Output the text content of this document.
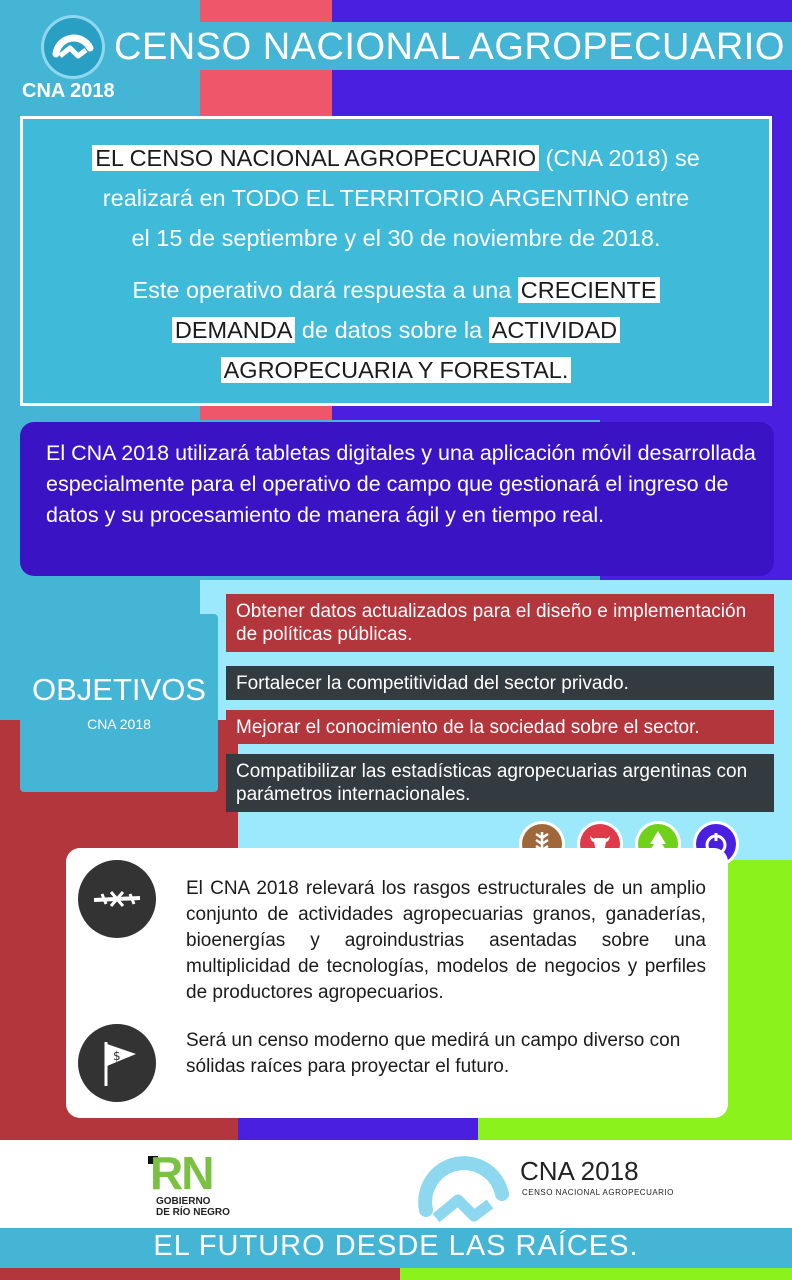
CENSO NACIONAL AGROPECUARIO
CNA 2018
EL CENSO NACIONAL AGROPECUARIO (CNA 2018) se
realizará en TODO EL TERRITORIO ARGENTINO entre
el 15 de septiembre y el 30 de noviembre de 2018.
Este operativo dará respuesta a una CRECIENTE
DEMANDA de datos sobre la ACTIVIDAD
AGROPECUARIA Y FORESTAL.
El CNA 2018 utilizará tabletas digitales y una aplicación móvil desarrollada especialmente para el operativo de campo que gestionará el ingreso de datos y su procesamiento de manera ágil y en tiempo real.
OBJETIVOS
CNA 2018
Obtener datos actualizados para el diseño e implementación de políticas públicas.
Fortalecer la competitividad del sector privado.
Mejorar el conocimiento de la sociedad sobre el sector.
Compatibilizar las estadísticas agropecuarias argentinas con parámetros internacionales.
$
El CNA 2018 relevará los rasgos estructurales de un amplio conjunto de actividades agropecuarias granos, ganaderías, bioenergías y agroindustrias asentadas sobre una multiplicidad de tecnologías, modelos de negocios y perfiles de productores agropecuarios.
Será un censo moderno que medirá un campo diverso con sólidas raíces para proyectar el futuro.
RN
GOBIERNO
DE RÍO NEGRO
CNA 2018
CENSO NACIONAL AGROPECUARIO
EL FUTURO DESDE LAS RAÍCES.
